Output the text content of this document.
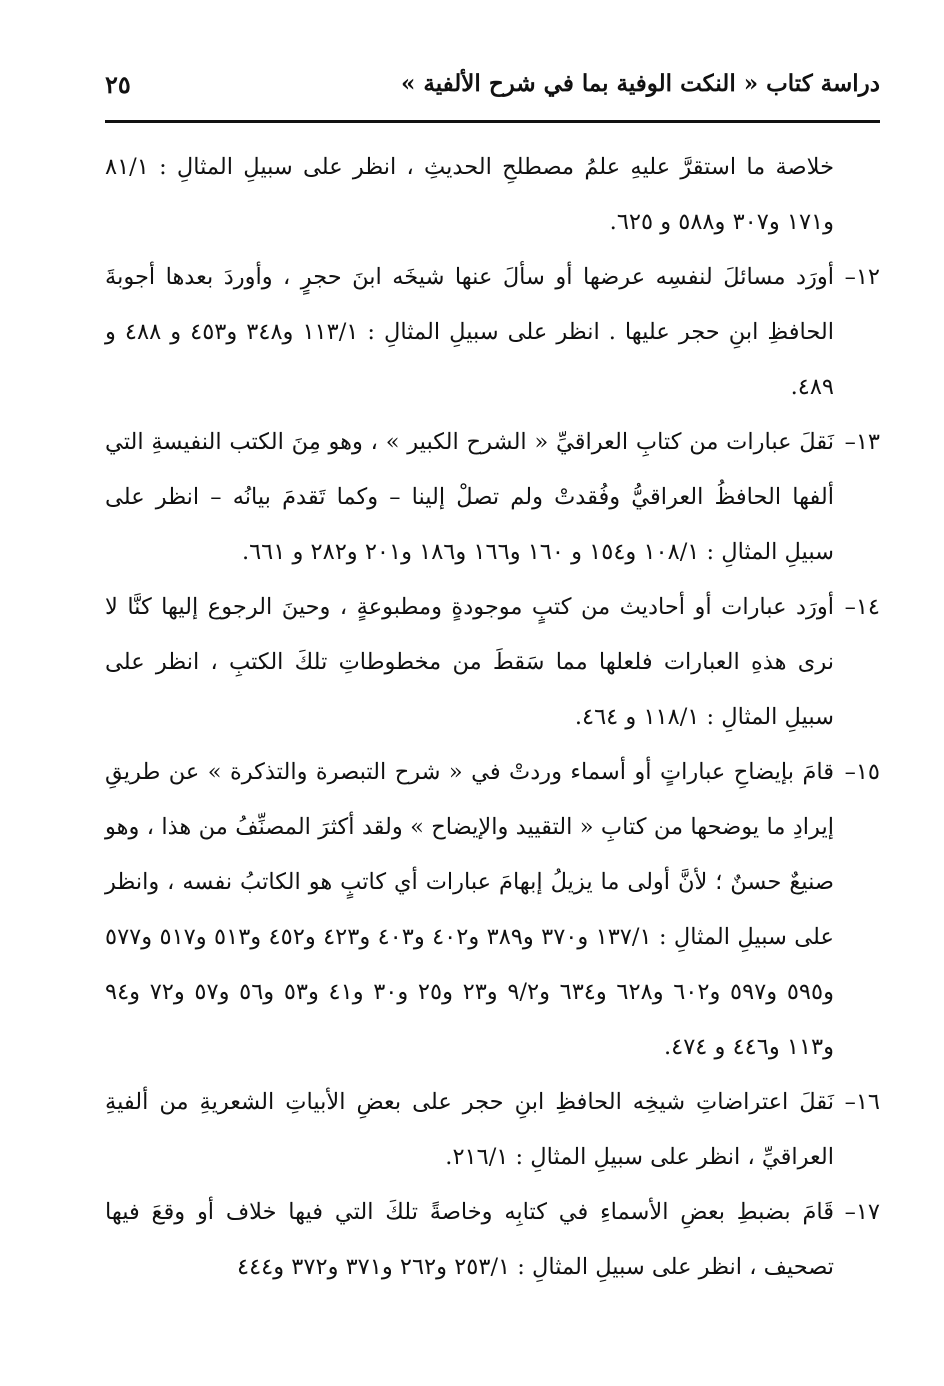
دراسة كتاب « النكت الوفية بما في شرح الألفية »
٢٥

خلاصة ما استقرَّ عليهِ علمُ مصطلحِ الحديثِ ، انظر على سبيلِ المثالِ : ٨١/١ و١٧١ و٣٠٧ و٥٨٨ و ٦٢٥.

١٢–
أورَد مسائلَ لنفسِه عرضها أو سألَ عنها شيخَه ابنَ حجرٍ ، وأوردَ بعدها أجوبةَ الحافظِ ابنِ حجر عليها . انظر على سبيلِ المثالِ : ١١٣/١ و٣٤٨ و٤٥٣ و ٤٨٨ و ٤٨٩.
١٣–
نَقلَ عبارات من كتابِ العراقيِّ « الشرح الكبير » ، وهو مِنَ الكتب النفيسةِ التي ألفها الحافظُ العراقيُّ وفُقدتْ ولم تصلْ إلينا – وكما تَقدمَ بيانُه – انظر على سبيلِ المثالِ : ١٠٨/١ و١٥٤ و ١٦٠ و١٦٦ و١٨٦ و٢٠١ و٢٨٢ و ٦٦١.
١٤–
أورَد عبارات أو أحاديث من كتبٍ موجودةٍ ومطبوعةٍ ، وحينَ الرجوع إليها كنَّا لا نرى هذهِ العبارات فلعلها مما سَقطَ من مخطوطاتِ تلكَ الكتبِ ، انظر على سبيلِ المثالِ : ١١٨/١ و ٤٦٤.
١٥–
قامَ بإيضاحِ عباراتٍ أو أسماء وردتْ في « شرح التبصرة والتذكرة » عن طريقِ إيرادِ ما يوضحها من كتابِ « التقييد والإيضاح » ولقد أكثرَ المصنِّفُ من هذا ، وهو صنيعٌ حسنٌ ؛ لأنَّ أولى ما يزيلُ إبهامَ عبارات أي كاتبٍ هو الكاتبُ نفسه ، وانظر على سبيلِ المثالِ : ١٣٧/١ و٣٧٠ و٣٨٩ و٤٠٢ و٤٠٣ و٤٢٣ و٤٥٢ و٥١٣ و٥١٧ و٥٧٧ و٥٩٥ و٥٩٧ و٦٠٢ و٦٢٨ و٦٣٤ و٩/٢ و٢٣ و٢٥ و٣٠ و٤١ و٥٣ و٥٦ و٥٧ و٧٢ و٩٤ و١١٣ و٤٤٦ و ٤٧٤.
١٦–
نَقلَ اعتراضاتِ شيخِه الحافظِ ابنِ حجر على بعضِ الأبياتِ الشعريةِ من ألفيةِ العراقيِّ ، انظر على سبيلِ المثالِ : ٢١٦/١.
١٧–
قَامَ بضبطِ بعضِ الأسماءِ في كتابِه وخاصةً تلكَ التي فيها خلاف أو وقعَ فيها تصحيف ، انظر على سبيلِ المثالِ : ٢٥٣/١ و٢٦٢ و٣٧١ و٣٧٢ و٤٤٤
